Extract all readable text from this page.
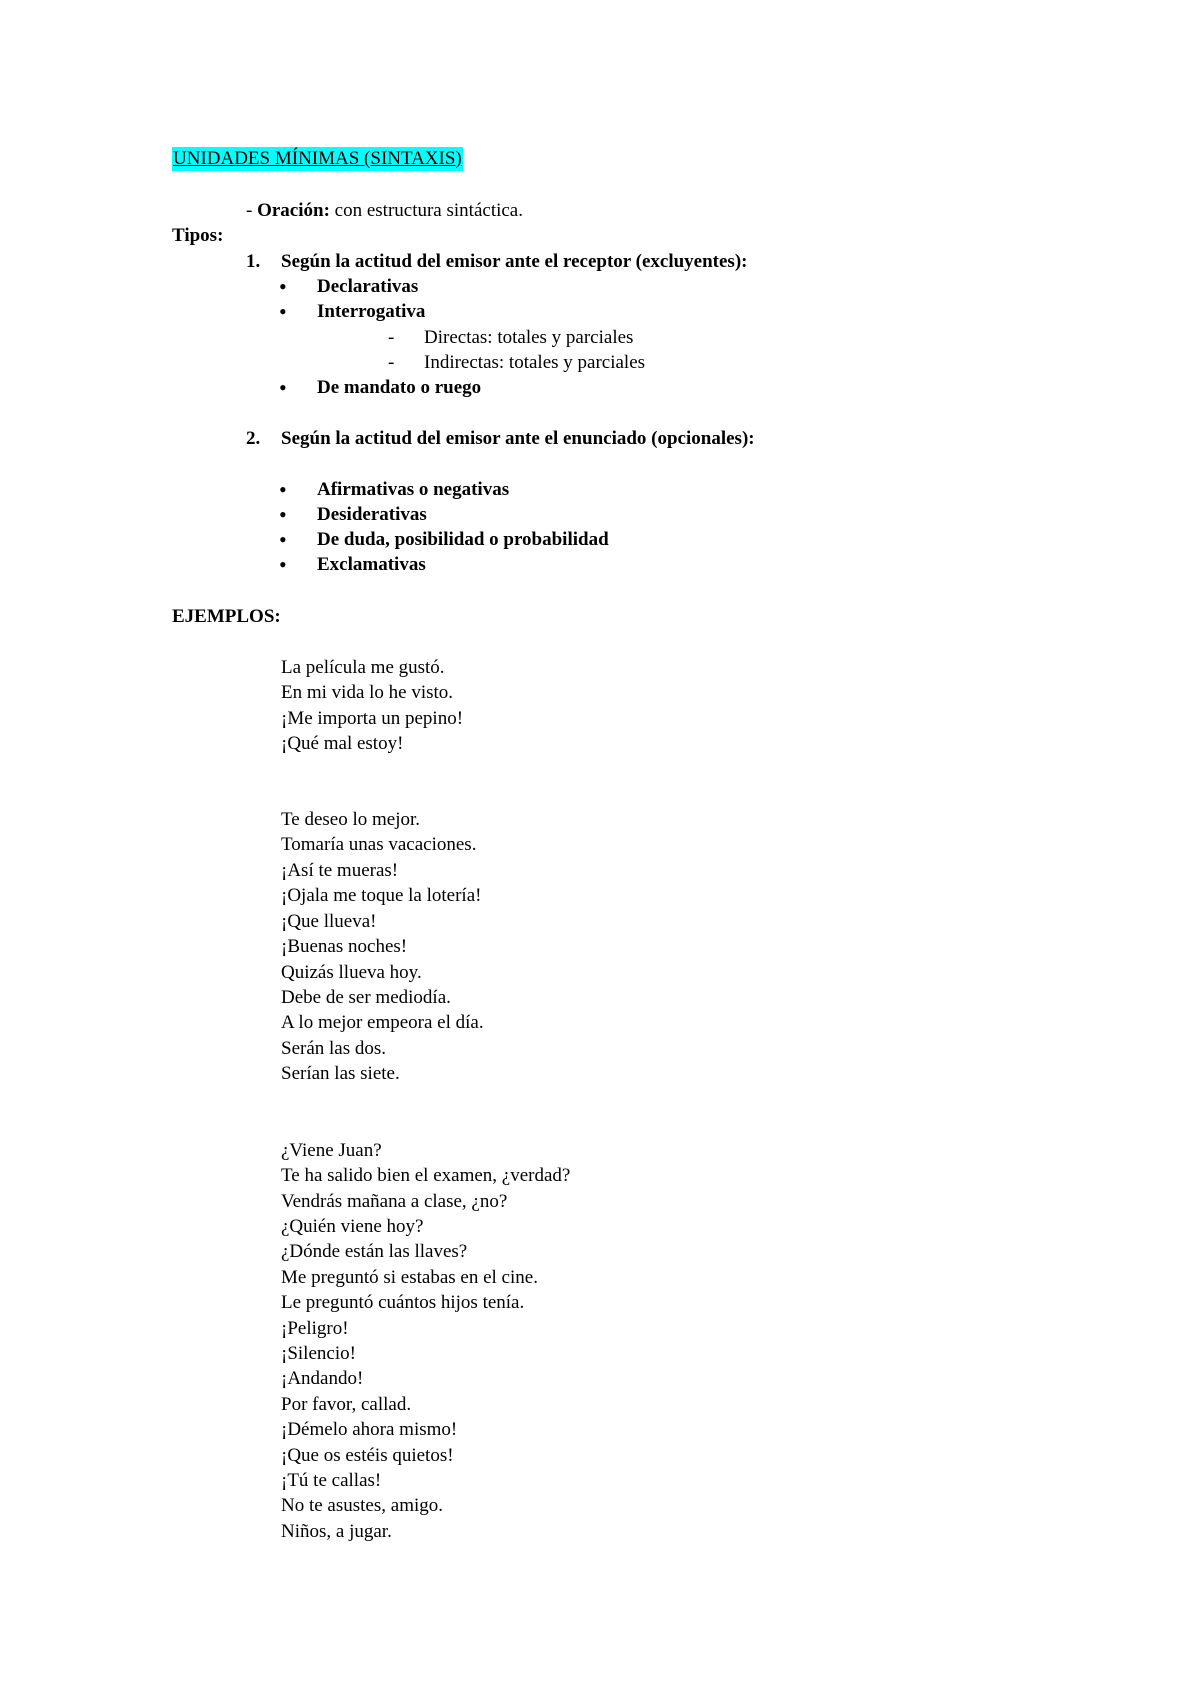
UNIDADES MÍNIMAS (SINTAXIS)
- Oración: con estructura sintáctica.
Tipos:
1. Según la actitud del emisor ante el receptor (excluyentes):
• Declarativas
• Interrogativa
- Directas: totales y parciales
- Indirectas: totales y parciales
• De mandato o ruego
2. Según la actitud del emisor ante el enunciado (opcionales):
• Afirmativas o negativas
• Desiderativas
• De duda, posibilidad o probabilidad
• Exclamativas
EJEMPLOS:
La película me gustó.
En mi vida lo he visto.
¡Me importa un pepino!
¡Qué mal estoy!
Te deseo lo mejor.
Tomaría unas vacaciones.
¡Así te mueras!
¡Ojala me toque la lotería!
¡Que llueva!
¡Buenas noches!
Quizás llueva hoy.
Debe de ser mediodía.
A lo mejor empeora el día.
Serán las dos.
Serían las siete.
¿Viene Juan?
Te ha salido bien el examen, ¿verdad?
Vendrás mañana a clase, ¿no?
¿Quién viene hoy?
¿Dónde están las llaves?
Me preguntó si estabas en el cine.
Le preguntó cuántos hijos tenía.
¡Peligro!
¡Silencio!
¡Andando!
Por favor, callad.
¡Démelo ahora mismo!
¡Que os estéis quietos!
¡Tú te callas!
No te asustes, amigo.
Niños, a jugar.
